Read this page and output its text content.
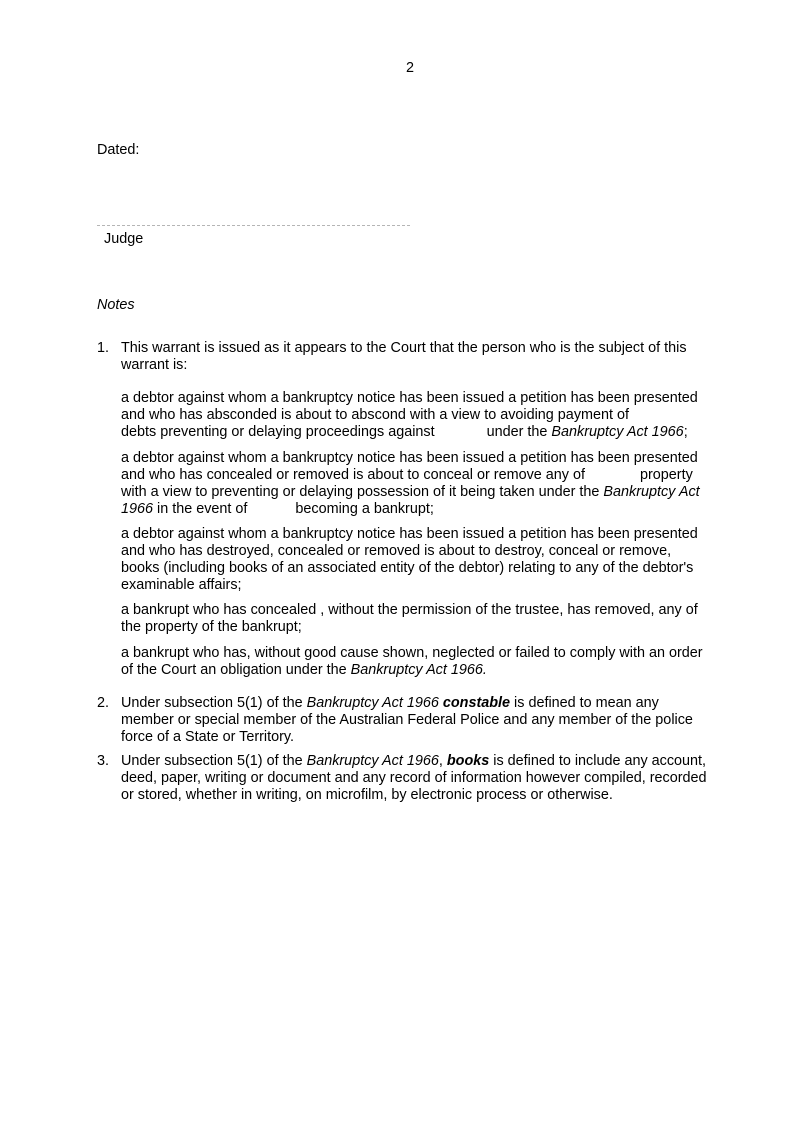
2
Dated:
Judge
Notes
1. This warrant is issued as it appears to the Court that the person who is the subject of this
warrant is:
a debtor against whom a bankruptcy notice has been issued a petition has been presented
and who has absconded is about to abscond with a view to avoiding payment of
debts preventing or delaying proceedings against	under the Bankruptcy Act 1966;
a debtor against whom a bankruptcy notice has been issued a petition has been presented
and who has concealed or removed is about to conceal or remove any of	property
with a view to preventing or delaying possession of it being taken under the Bankruptcy Act
1966 in the event of	becoming a bankrupt;
a debtor against whom a bankruptcy notice has been issued a petition has been presented
and who has destroyed, concealed or removed is about to destroy, conceal or remove,
books (including books of an associated entity of the debtor) relating to any of the debtor's
examinable affairs;
a bankrupt who has concealed , without the permission of the trustee, has removed, any of
the property of the bankrupt;
a bankrupt who has, without good cause shown, neglected or failed to comply with an order
of the Court an obligation under the Bankruptcy Act 1966.
2. Under subsection 5(1) of the Bankruptcy Act 1966 constable is defined to mean any
member or special member of the Australian Federal Police and any member of the police
force of a State or Territory.
3. Under subsection 5(1) of the Bankruptcy Act 1966, books is defined to include any account,
deed, paper, writing or document and any record of information however compiled, recorded
or stored, whether in writing, on microfilm, by electronic process or otherwise.
